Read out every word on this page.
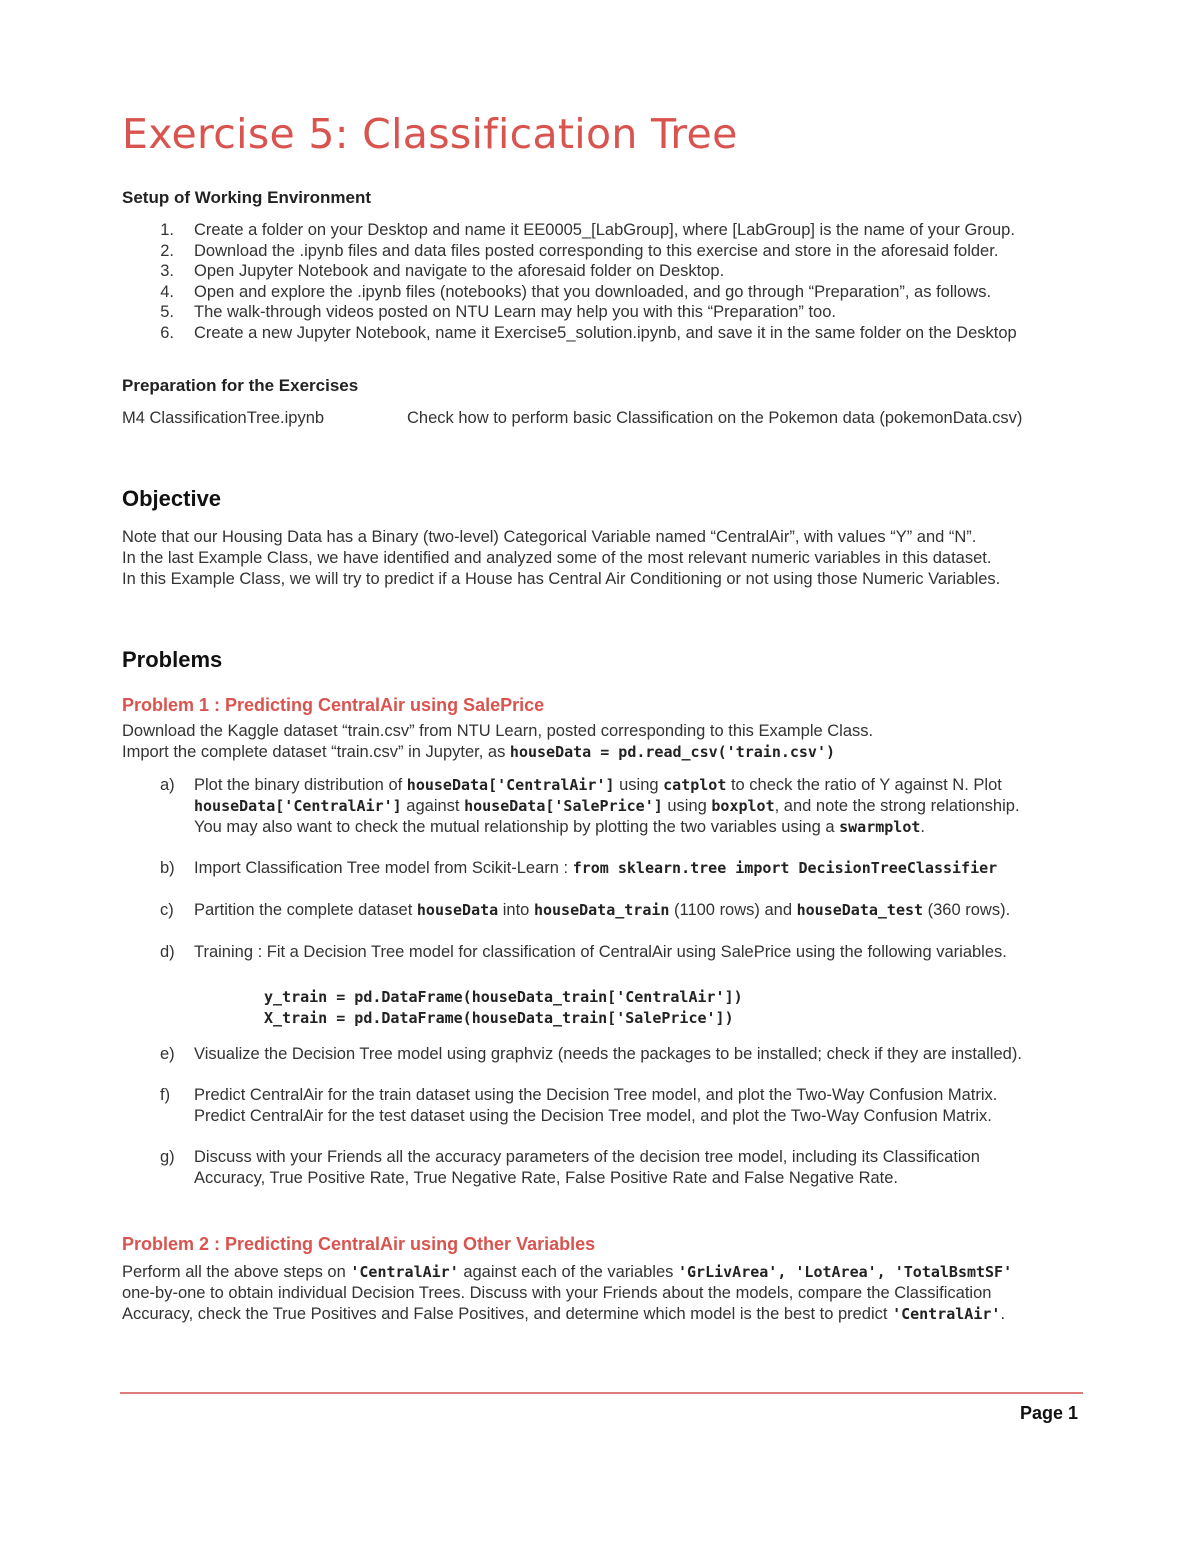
Exercise 5: Classification Tree
Setup of Working Environment
1. Create a folder on your Desktop and name it EE0005_[LabGroup], where [LabGroup] is the name of your Group.
2. Download the .ipynb files and data files posted corresponding to this exercise and store in the aforesaid folder.
3. Open Jupyter Notebook and navigate to the aforesaid folder on Desktop.
4. Open and explore the .ipynb files (notebooks) that you downloaded, and go through “Preparation”, as follows.
5. The walk-through videos posted on NTU Learn may help you with this “Preparation” too.
6. Create a new Jupyter Notebook, name it Exercise5_solution.ipynb, and save it in the same folder on the Desktop
Preparation for the Exercises
M4 ClassificationTree.ipynb	Check how to perform basic Classification on the Pokemon data (pokemonData.csv)
Objective
Note that our Housing Data has a Binary (two-level) Categorical Variable named “CentralAir”, with values “Y” and “N”.
In the last Example Class, we have identified and analyzed some of the most relevant numeric variables in this dataset.
In this Example Class, we will try to predict if a House has Central Air Conditioning or not using those Numeric Variables.
Problems
Problem 1 : Predicting CentralAir using SalePrice
Download the Kaggle dataset “train.csv” from NTU Learn, posted corresponding to this Example Class.
Import the complete dataset “train.csv” in Jupyter, as houseData = pd.read_csv('train.csv')
a) Plot the binary distribution of houseData['CentralAir'] using catplot to check the ratio of Y against N. Plot
houseData['CentralAir'] against houseData['SalePrice'] using boxplot, and note the strong relationship.
You may also want to check the mutual relationship by plotting the two variables using a swarmplot.
b) Import Classification Tree model from Scikit-Learn : from sklearn.tree import DecisionTreeClassifier
c) Partition the complete dataset houseData into houseData_train (1100 rows) and houseData_test (360 rows).
d) Training : Fit a Decision Tree model for classification of CentralAir using SalePrice using the following variables.
y_train = pd.DataFrame(houseData_train['CentralAir'])
X_train = pd.DataFrame(houseData_train['SalePrice'])
e) Visualize the Decision Tree model using graphviz (needs the packages to be installed; check if they are installed).
f) Predict CentralAir for the train dataset using the Decision Tree model, and plot the Two-Way Confusion Matrix.
Predict CentralAir for the test dataset using the Decision Tree model, and plot the Two-Way Confusion Matrix.
g) Discuss with your Friends all the accuracy parameters of the decision tree model, including its Classification
Accuracy, True Positive Rate, True Negative Rate, False Positive Rate and False Negative Rate.
Problem 2 : Predicting CentralAir using Other Variables
Perform all the above steps on 'CentralAir' against each of the variables 'GrLivArea', 'LotArea', 'TotalBsmtSF'
one-by-one to obtain individual Decision Trees. Discuss with your Friends about the models, compare the Classification
Accuracy, check the True Positives and False Positives, and determine which model is the best to predict 'CentralAir'.
Page 1
